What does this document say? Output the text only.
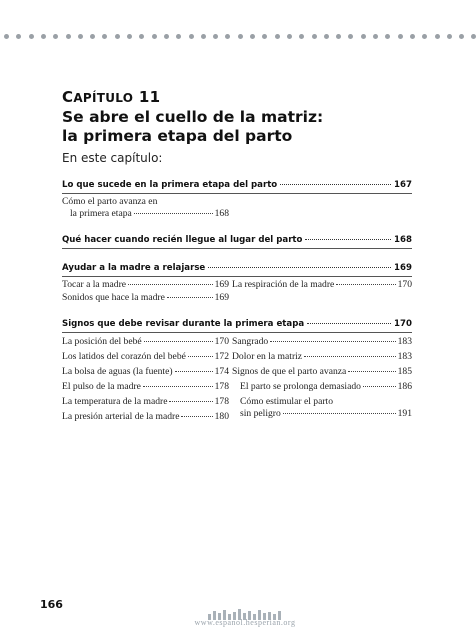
CAPÍTULO 11
Se abre el cuello de la matriz:
la primera etapa del parto
En este capítulo:
Lo que sucede en la primera etapa del parto	167
Cómo el parto avanza en
la primera etapa	168
Qué hacer cuando recién llegue al lugar del parto	168
Ayudar a la madre a relajarse	169
Tocar a la madre	169
Sonidos que hace la madre	169
La respiración de la madre	170
Signos que debe revisar durante la primera etapa	170
La posición del bebé	170
Los latidos del corazón del bebé	172
La bolsa de aguas (la fuente)	174
El pulso de la madre	178
La temperatura de la madre	178
La presión arterial de la madre	180
Sangrado	183
Dolor en la matriz	183
Signos de que el parto avanza	185
El parto se prolonga demasiado	186
Cómo estimular el parto
sin peligro	191
166
www.espanol.hesperian.org
